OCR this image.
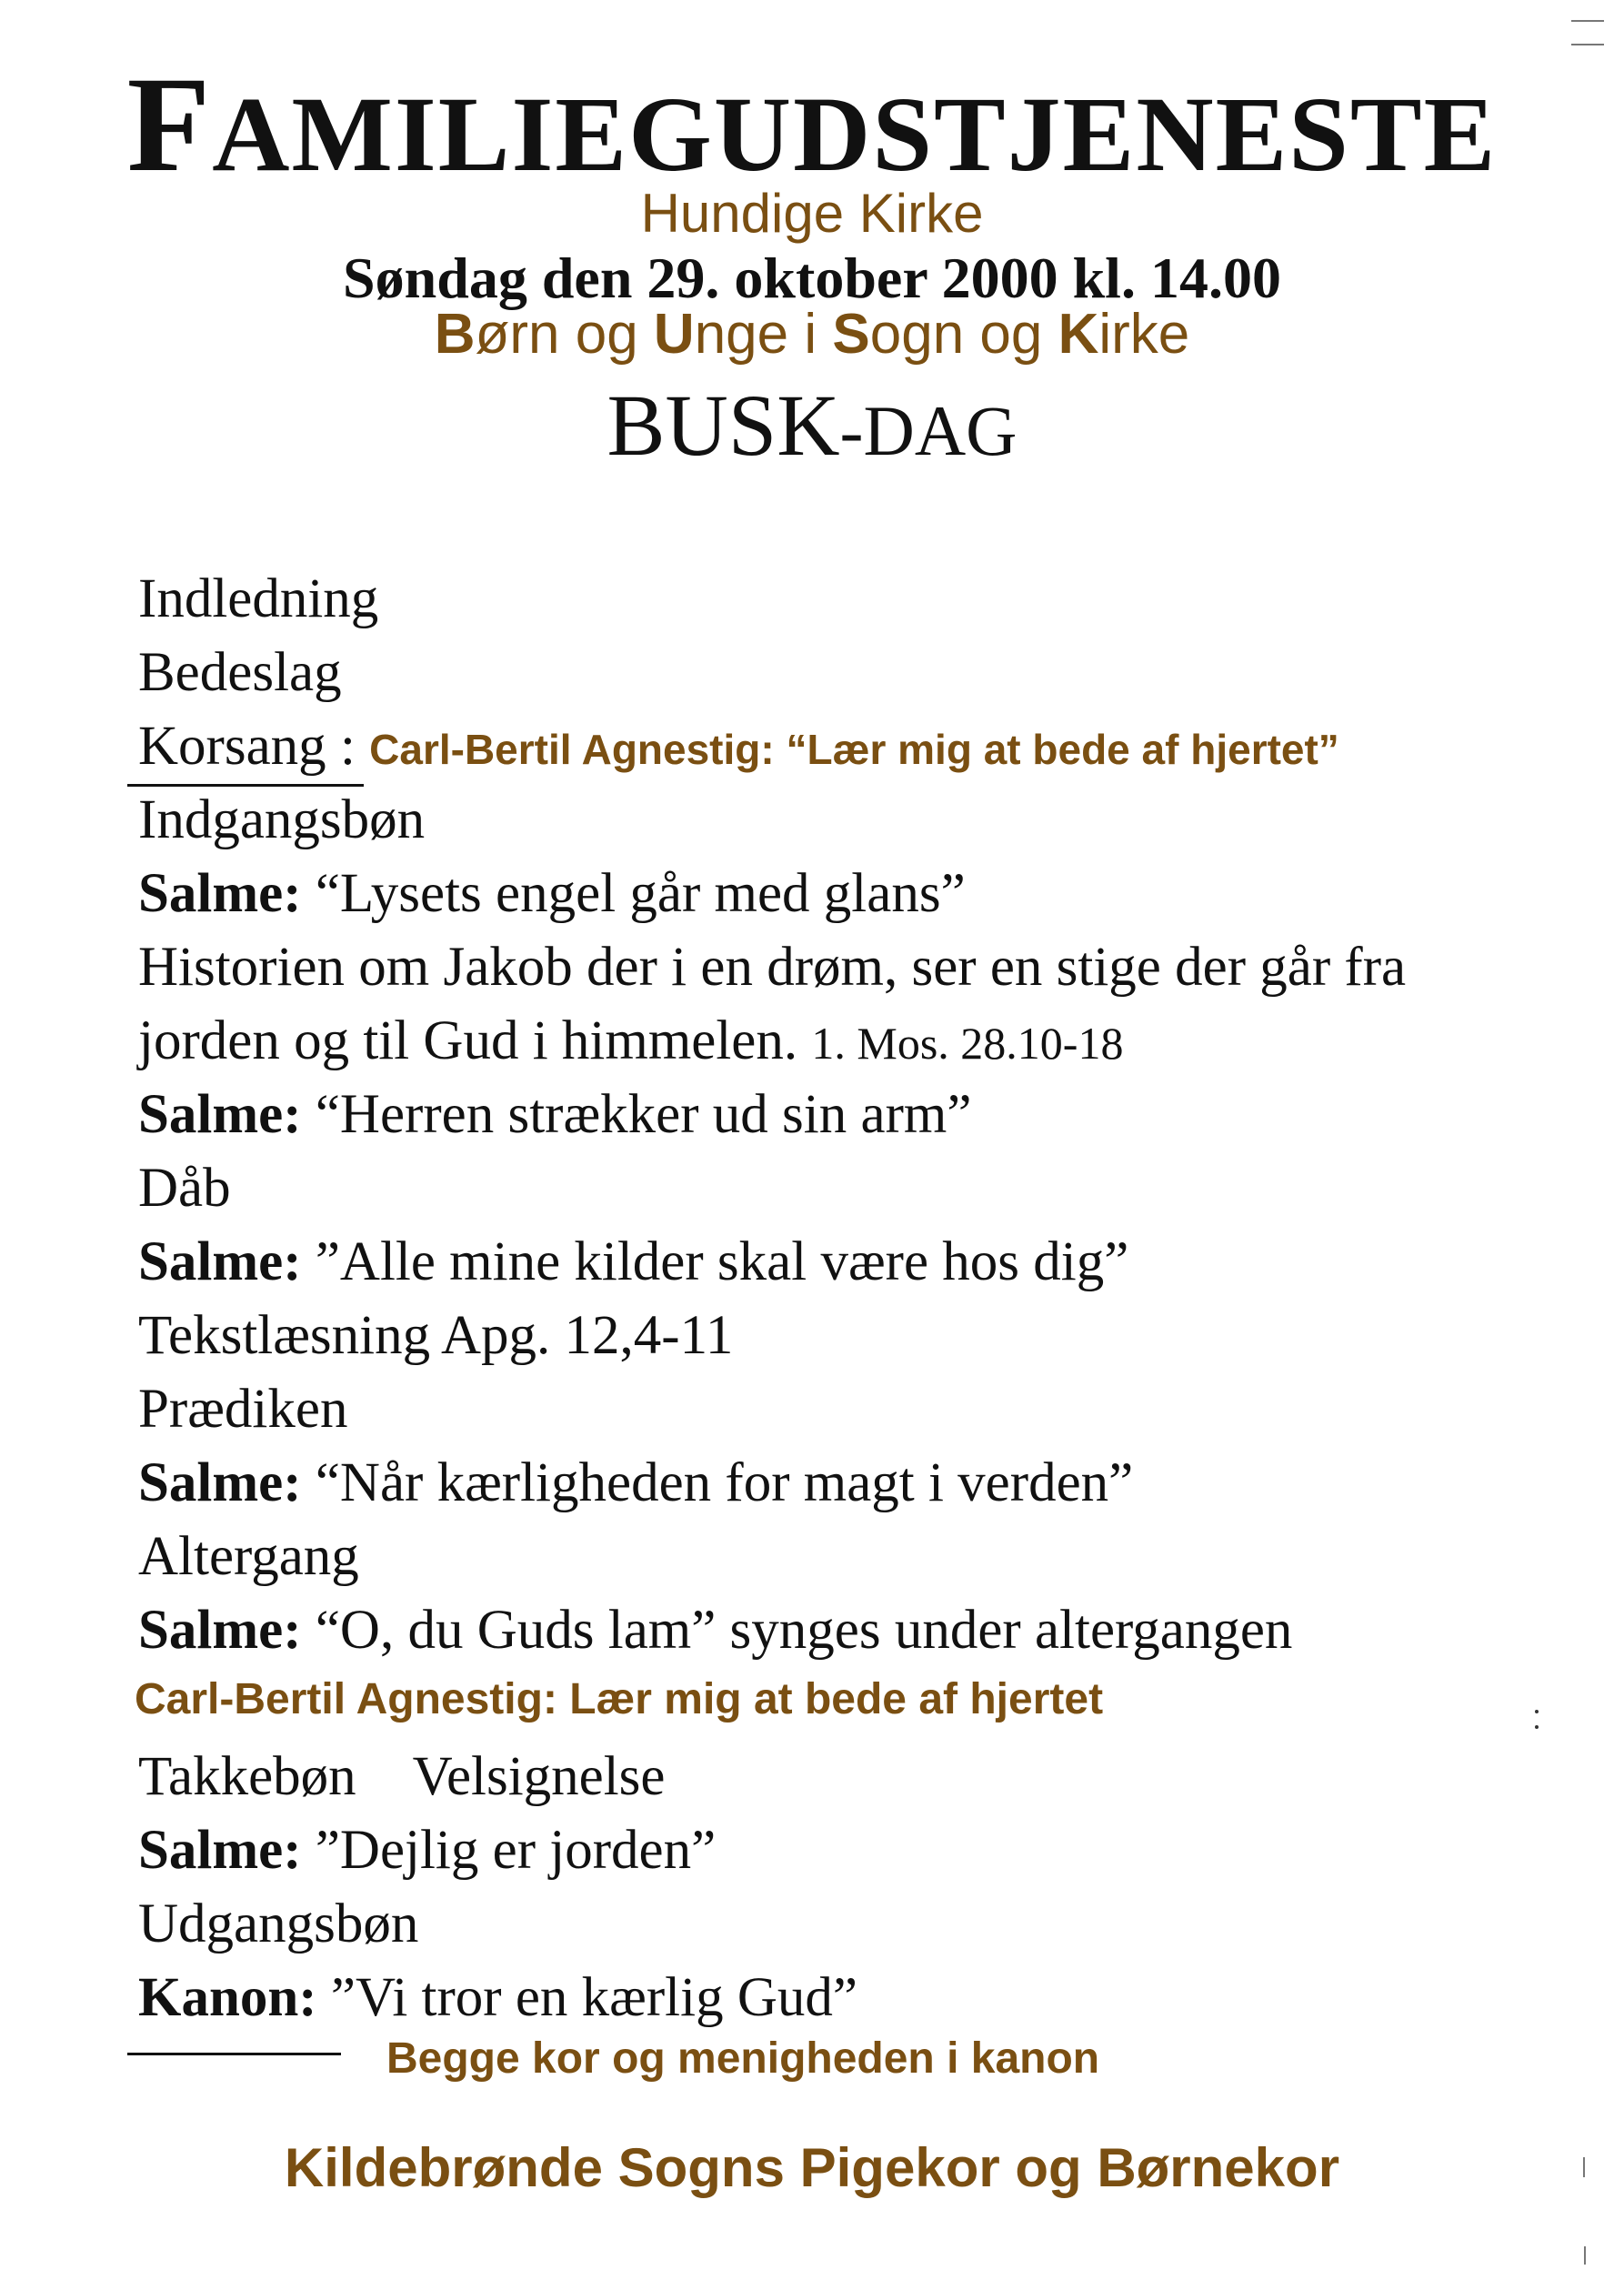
FAMILIEGUDSTJENESTE
Hundige Kirke
Søndag den 29. oktober 2000 kl. 14.00
Børn og Unge i Sogn og Kirke
BUSK-DAG
Indledning
Bedeslag
Korsang : Carl-Bertil Agnestig: “Lær mig at bede af hjertet”
Indgangsbøn
Salme: “Lysets engel går med glans”
Historien om Jakob der i en drøm, ser en stige der går fra
jorden og til Gud i himmelen. 1. Mos. 28.10-18
Salme: “Herren strækker ud sin arm”
Dåb
Salme: ”Alle mine kilder skal være hos dig”
Tekstlæsning Apg. 12,4-11
Prædiken
Salme: “Når kærligheden for magt i verden”
Altergang
Salme: “O, du Guds lam” synges under altergangen
Carl-Bertil Agnestig: Lær mig at bede af hjertet
Takkebøn Velsignelse
Salme: ”Dejlig er jorden”
Udgangsbøn
Kanon: ”Vi tror en kærlig Gud”
Begge kor og menigheden i kanon
Kildebrønde Sogns Pigekor og Børnekor
